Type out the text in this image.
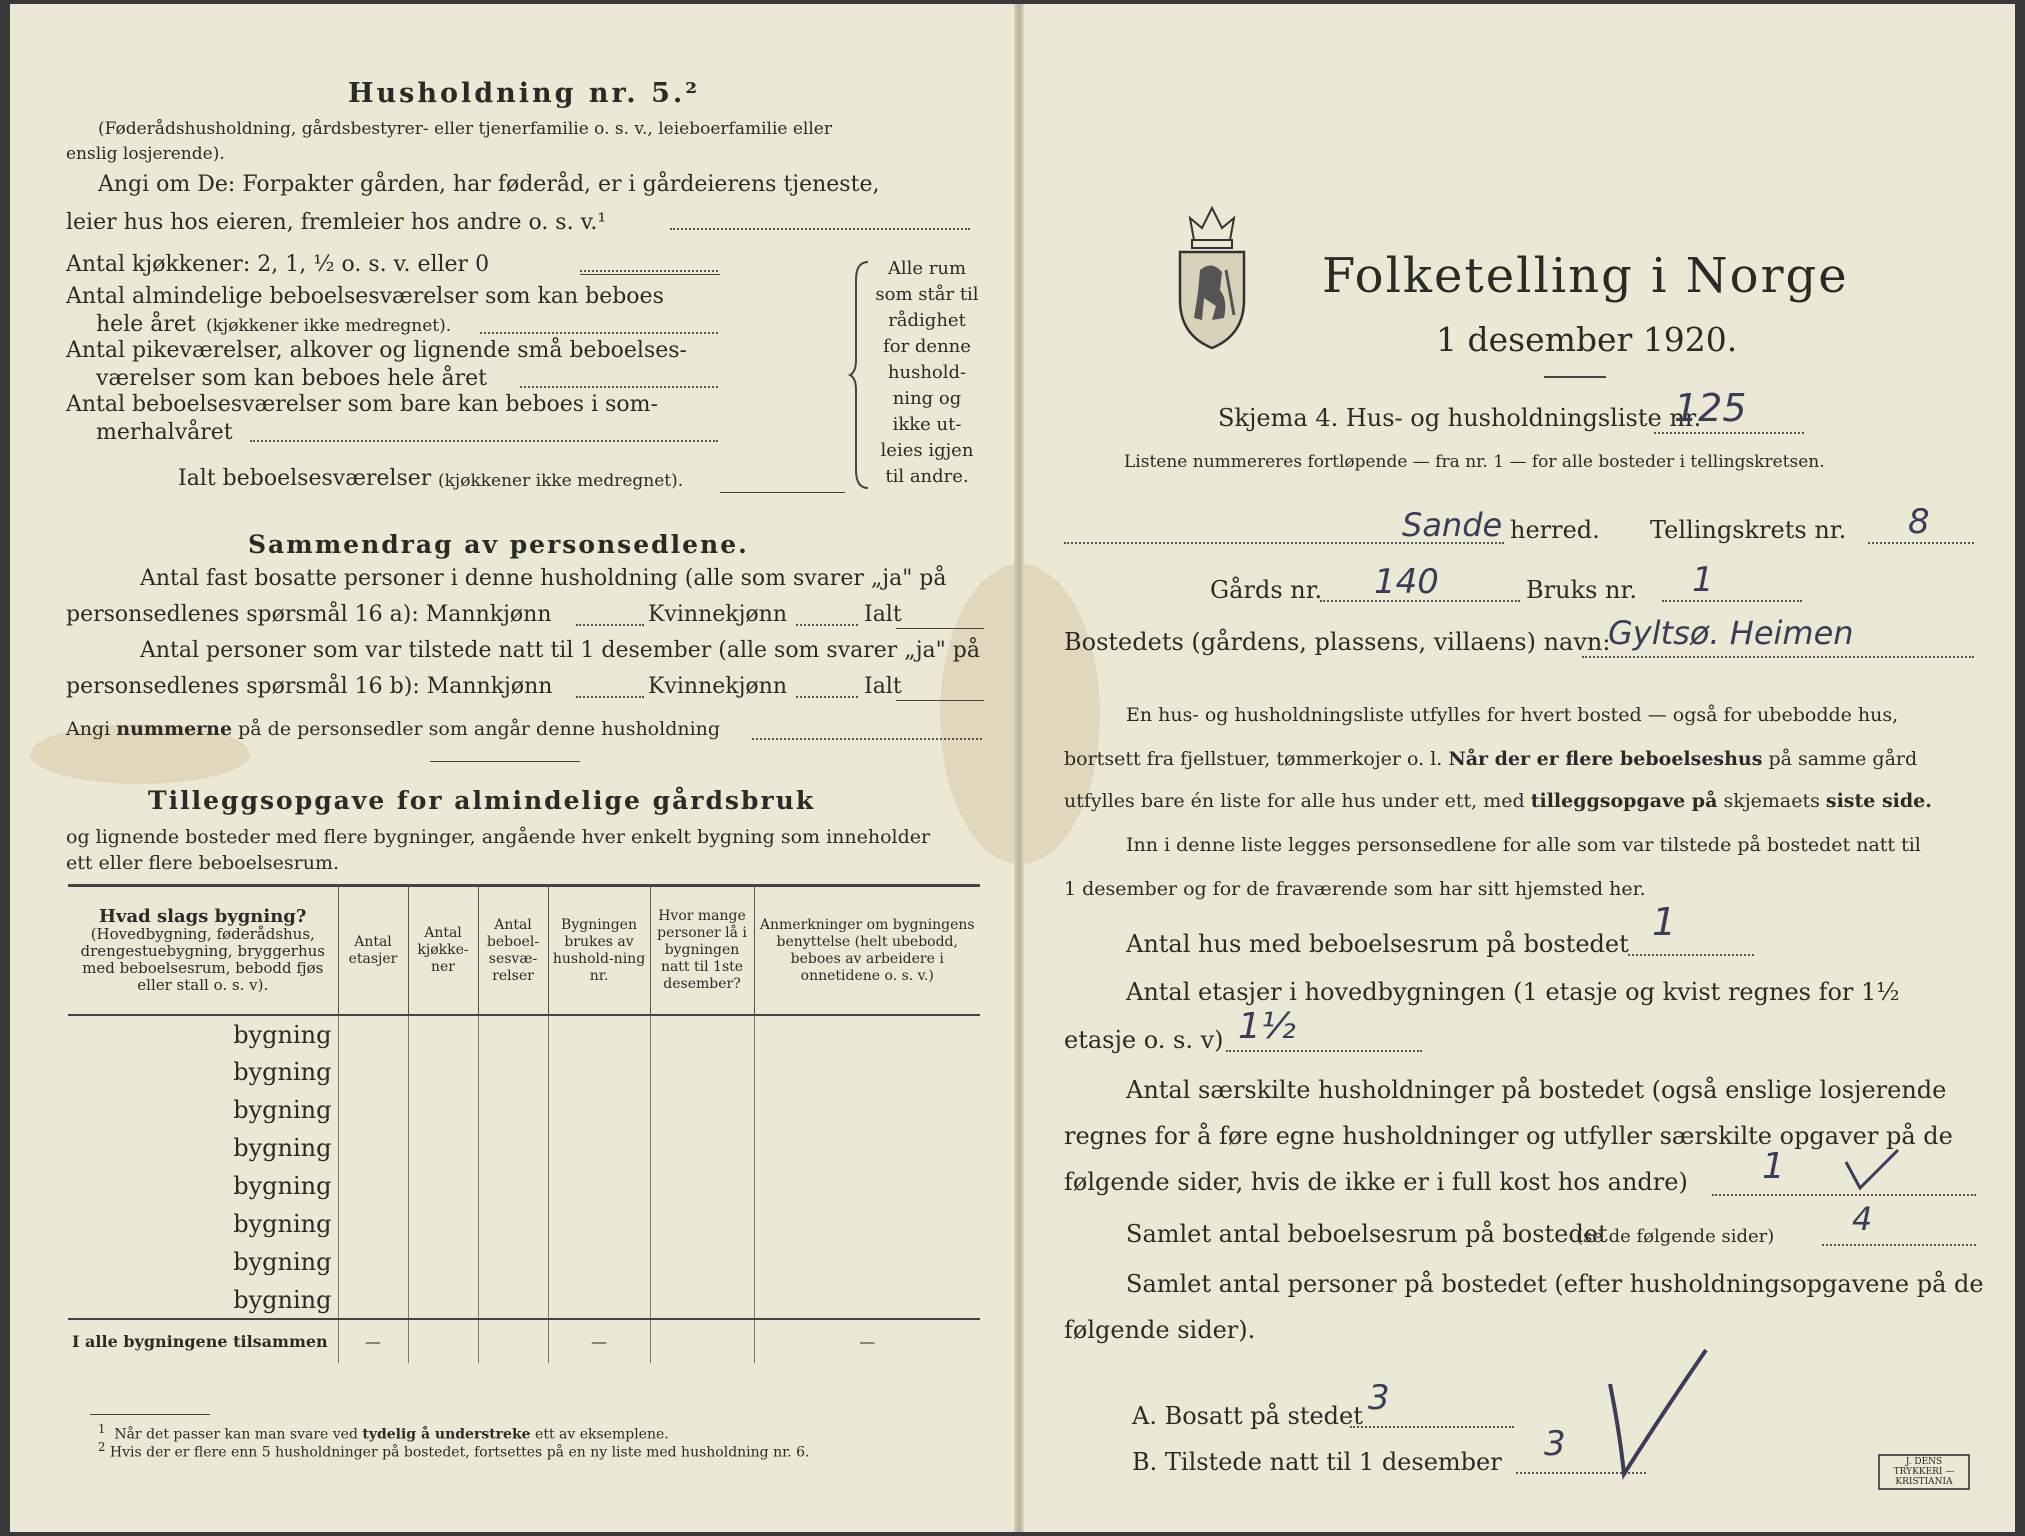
Husholdning nr. 5.²
(Føderådshusholdning, gårdsbestyrer- eller tjenerfamilie o. s. v., leieboerfamilie eller
enslig losjerende).
Angi om De: Forpakter gården, har føderåd, er i gårdeierens tjeneste,
leier hus hos eieren, fremleier hos andre o. s. v.¹
Antal kjøkkener: 2, 1, ½ o. s. v. eller 0
Antal almindelige beboelsesværelser som kan beboes
hele året (kjøkkener ikke medregnet).
Antal pikeværelser, alkover og lignende små beboelses-
værelser som kan beboes hele året
Antal beboelsesværelser som bare kan beboes i som-
merhalvåret
Ialt beboelsesværelser (kjøkkener ikke medregnet).
Alle rum
som står til
rådighet
for denne
hushold-
ning og
ikke ut-
leies igjen
til andre.
Sammendrag av personsedlene.
Antal fast bosatte personer i denne husholdning (alle som svarer „ja" på
personsedlenes spørsmål 16 a): Mannkjønn	Kvinnekjønn	Ialt
Antal personer som var tilstede natt til 1 desember (alle som svarer „ja" på
personsedlenes spørsmål 16 b): Mannkjønn	Kvinnekjønn	Ialt
Angi nummerne på de personsedler som angår denne husholdning
Tilleggsopgave for almindelige gårdsbruk
og lignende bosteder med flere bygninger, angående hver enkelt bygning som inneholder
ett eller flere beboelsesrum.
Hvad slags bygning?
(Hovedbygning, føderådshus, drengestuebygning, bryggerhus med beboelsesrum, bebodd fjøs eller stall o. s. v).	Antal etasjer	Antal kjøkke-ner	Antal beboel-sesvæ-relser	Bygningen brukes av hushold-ning nr.	Hvor mange personer lå i bygningen natt til 1ste desember?	Anmerkninger om bygningens benyttelse (helt ubebodd, beboes av arbeidere i onnetidene o. s. v.)
bygning						
bygning						
bygning						
bygning						
bygning						
bygning						
bygning						
bygning						
I alle bygningene tilsammen	—			—		—
$^1$ Når det passer kan man svare ved tydelig å understreke ett av eksemplene.
$^2$ Hvis der er flere enn 5 husholdninger på bostedet, fortsettes på en ny liste med husholdning nr. 6.
Folketelling i Norge
1 desember 1920.
Skjema 4. Hus- og husholdningsliste nr.
125
Listene nummereres fortløpende — fra nr. 1 — for alle bosteder i tellingskretsen.
Sande herred. Tellingskrets nr. 8
Gårds nr. 140	Bruks nr. 1
Bostedets (gårdens, plassens, villaens) navn:
Gyltsø. Heimen
En hus- og husholdningsliste utfylles for hvert bosted — også for ubebodde hus,
bortsett fra fjellstuer, tømmerkojer o. l. Når der er flere beboelseshus på samme gård
utfylles bare én liste for alle hus under ett, med tilleggsopgave på skjemaets siste side.
Inn i denne liste legges personsedlene for alle som var tilstede på bostedet natt til
1 desember og for de fraværende som har sitt hjemsted her.
Antal hus med beboelsesrum på bostedet 1
Antal etasjer i hovedbygningen (1 etasje og kvist regnes for 1½
etasje o. s. v) 1½
Antal særskilte husholdninger på bostedet (også enslige losjerende
regnes for å føre egne husholdninger og utfyller særskilte opgaver på de
følgende sider, hvis de ikke er i full kost hos andre) 1
Samlet antal beboelsesrum på bostedet
(se de følgende sider) 4
Samlet antal personer på bostedet (efter husholdningsopgavene på de
følgende sider).
A. Bosatt på stedet 3
B. Tilstede natt til 1 desember 3	J. DENS TRYKKERI — KRISTIANIA
